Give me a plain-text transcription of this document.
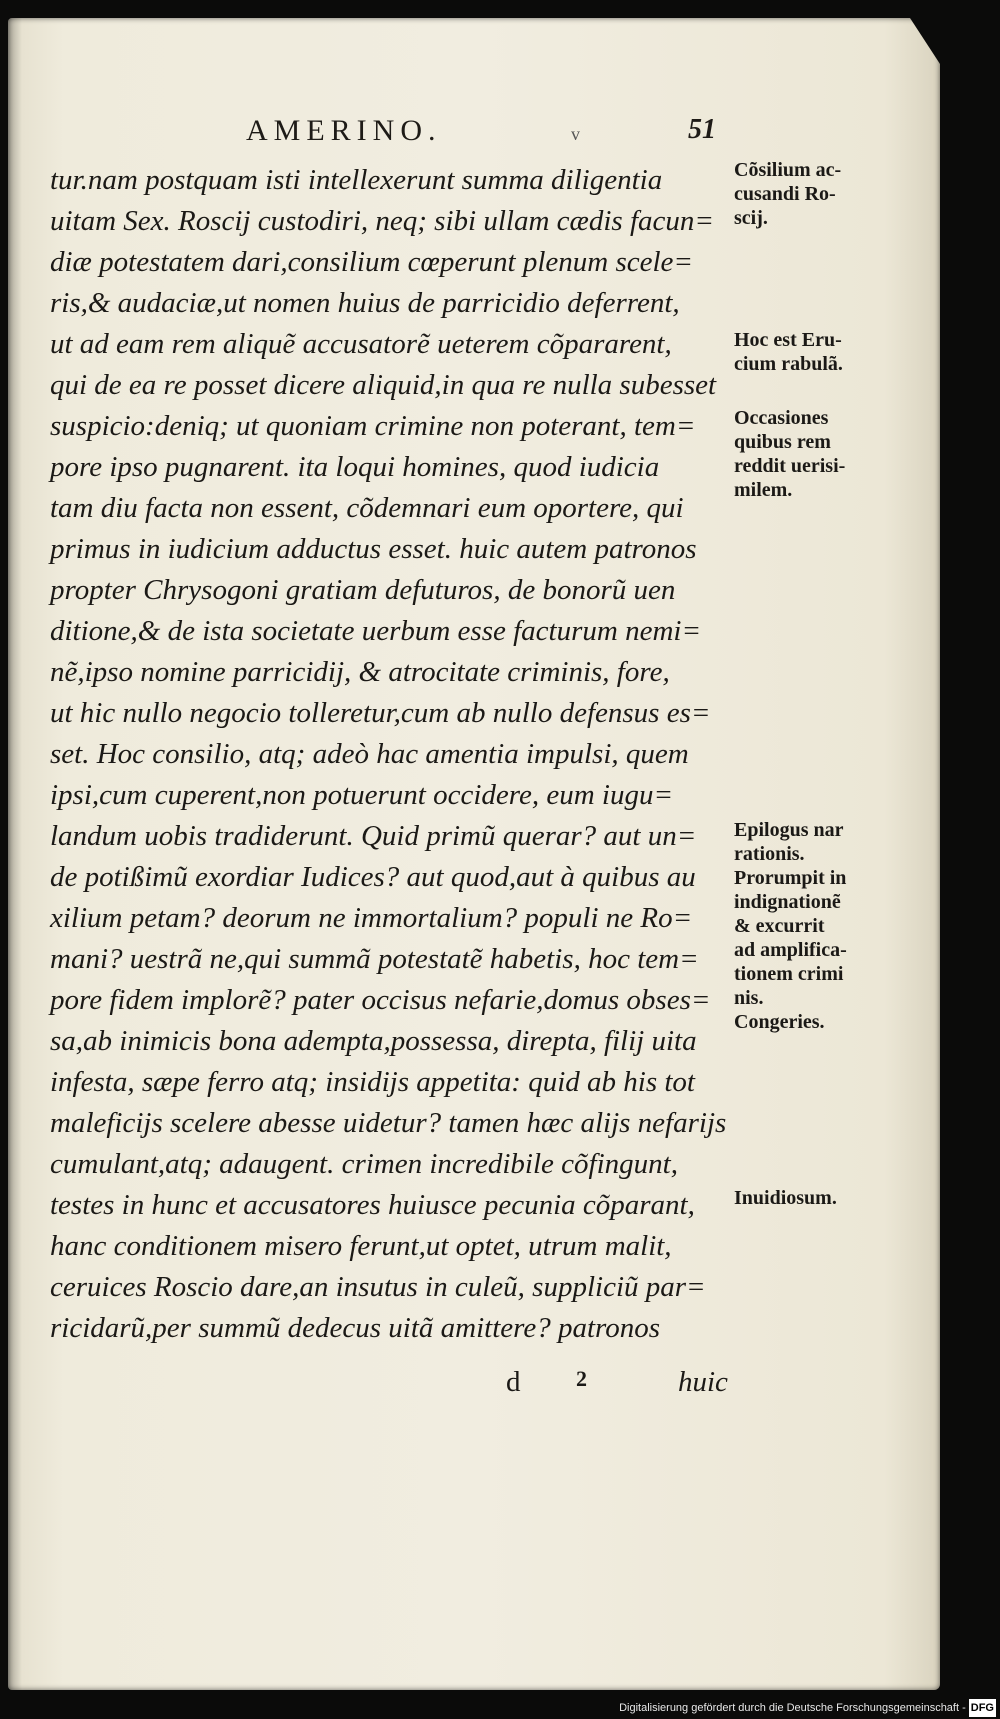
AMERINO.	v	51
tur.nam postquam isti intellexerunt summa diligentia
uitam Sex. Roscij custodiri, neq; sibi ullam cædis facun=
diæ potestatem dari,consilium cœperunt plenum scele=
ris,& audaciæ,ut nomen huius de parricidio deferrent,
ut ad eam rem aliquẽ accusatorẽ ueterem cõpararent,
qui de ea re posset dicere aliquid,in qua re nulla subesset
suspicio:deniq; ut quoniam crimine non poterant, tem=
pore ipso pugnarent. ita loqui homines, quod iudicia
tam diu facta non essent, cõdemnari eum oportere, qui
primus in iudicium adductus esset. huic autem patronos
propter Chrysogoni gratiam defuturos, de bonorũ uen
ditione,& de ista societate uerbum esse facturum nemi=
nẽ,ipso nomine parricidij, & atrocitate criminis, fore,
ut hic nullo negocio tolleretur,cum ab nullo defensus es=
set. Hoc consilio, atq; adeò hac amentia impulsi, quem
ipsi,cum cuperent,non potuerunt occidere, eum iugu=
landum uobis tradiderunt. Quid primũ querar? aut un=
de potißimũ exordiar Iudices? aut quod,aut à quibus au
xilium petam? deorum ne immortalium? populi ne Ro=
mani? uestrã ne,qui summã potestatẽ habetis, hoc tem=
pore fidem implorẽ? pater occisus nefarie,domus obses=
sa,ab inimicis bona adempta,possessa, direpta, filij uita
infesta, sæpe ferro atq; insidijs appetita: quid ab his tot
maleficijs scelere abesse uidetur? tamen hæc alijs nefarijs
cumulant,atq; adaugent. crimen incredibile cõfingunt,
testes in hunc et accusatores huiusce pecunia cõparant,
hanc conditionem misero ferunt,ut optet, utrum malit,
ceruices Roscio dare,an insutus in culeũ, suppliciũ par=
ricidarũ,per summũ dedecus uitã amittere? patronos
Cõsilium ac-
cusandi Ro-
scij.
Hoc est Eru-
cium rabulã.
Occasiones
quibus rem
reddit uerisi-
milem.
Epilogus nar
rationis.
Prorumpit in
indignationẽ
& excurrit
ad amplifica-
tionem crimi
nis.
Congeries.
Inuidiosum.
d	2	huic
Digitalisierung gefördert durch die Deutsche Forschungsgemeinschaft - DFG
